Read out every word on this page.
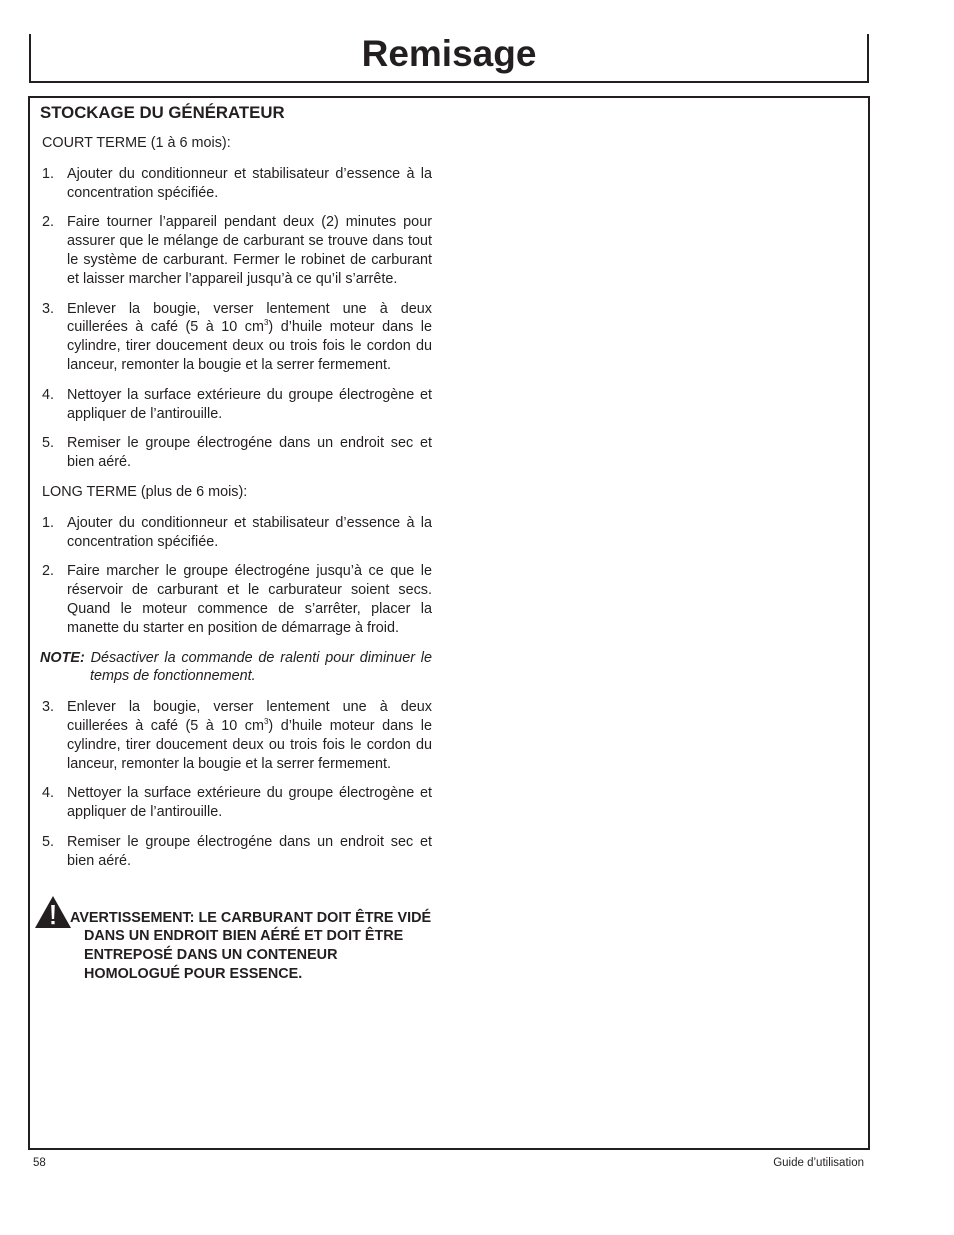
Remisage
STOCKAGE DU GÉNÉRATEUR
COURT TERME (1 à 6 mois):
1. Ajouter du conditionneur et stabilisateur d’essence à la concentration spécifiée.
2. Faire tourner l’appareil pendant deux (2) minutes pour assurer que le mélange de carburant se trouve dans tout le système de carburant. Fermer le robinet de carburant et laisser marcher l’appareil jusqu’à ce qu’il s’arrête.
3. Enlever la bougie, verser lentement une à deux cuillerées à café (5 à 10 $cm^3$) d’huile moteur dans le cylindre, tirer doucement deux ou trois fois le cordon du lanceur, remonter la bougie et la serrer fermement.
4. Nettoyer la surface extérieure du groupe électrogène et appliquer de l’antirouille.
5. Remiser le groupe électrogéne dans un endroit sec et bien aéré.
LONG TERME (plus de 6 mois):
1. Ajouter du conditionneur et stabilisateur d’essence à la concentration spécifiée.
2. Faire marcher le groupe électrogéne jusqu’à ce que le réservoir de carburant et le carburateur soient secs. Quand le moteur commence de s’arrêter, placer la manette du starter en position de démarrage à froid.
NOTE: Désactiver la commande de ralenti pour diminuer le temps de fonctionnement.
3. Enlever la bougie, verser lentement une à deux cuillerées à café (5 à 10 $cm^3$) d’huile moteur dans le cylindre, tirer doucement deux ou trois fois le cordon du lanceur, remonter la bougie et la serrer fermement.
4. Nettoyer la surface extérieure du groupe électrogène et appliquer de l’antirouille.
5. Remiser le groupe électrogéne dans un endroit sec et bien aéré.
AVERTISSEMENT: LE CARBURANT DOIT ÊTRE VIDÉ DANS UN ENDROIT BIEN AÉRÉ ET DOIT ÊTRE ENTREPOSÉ DANS UN CONTENEUR HOMOLOGUÉ POUR ESSENCE.
58	Guide d’utilisation
